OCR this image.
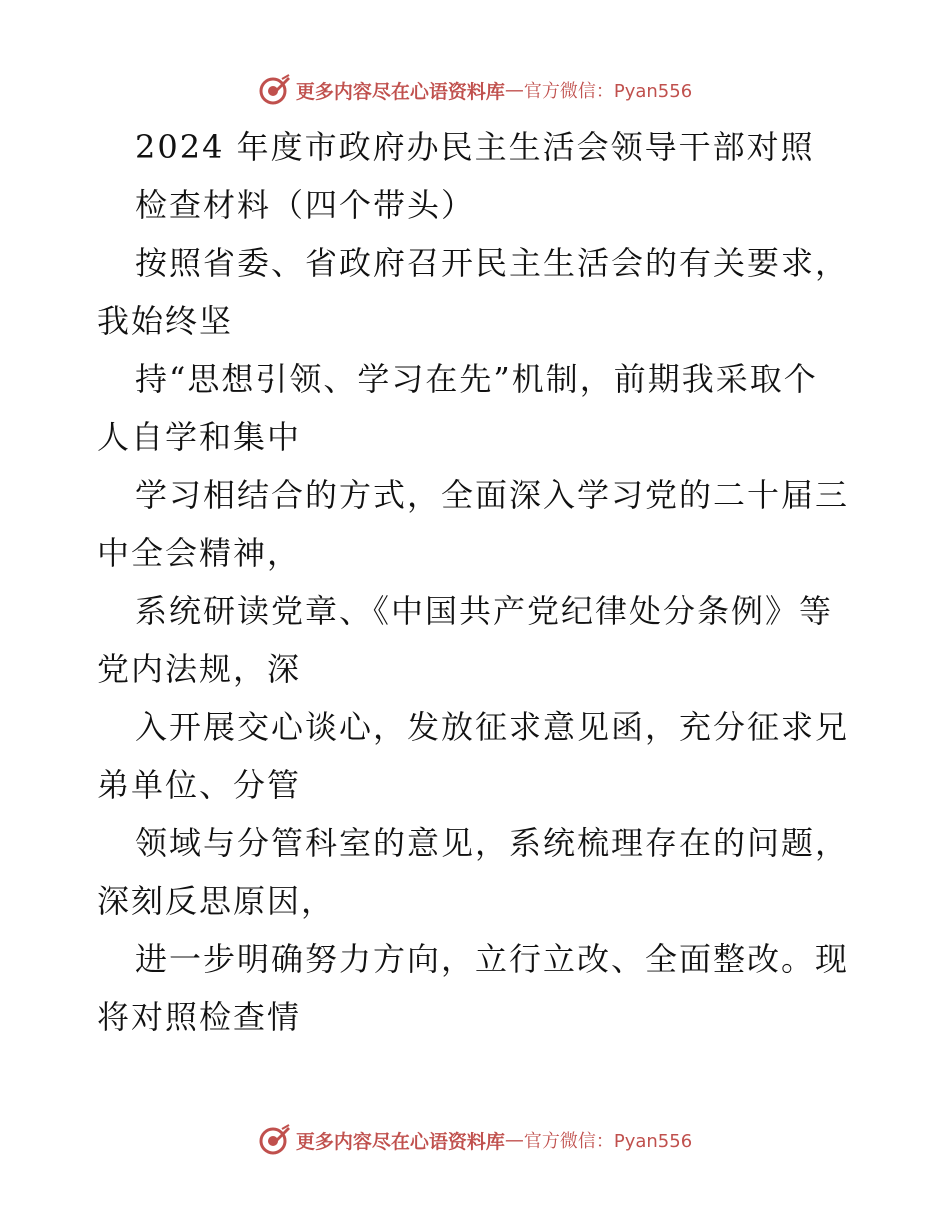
更多内容尽在心语资料库 — 官方微信：Pyan556
2024 年度市政府办民主生活会领导干部对照
检查材料（四个带头）
按照省委、省政府召开民主生活会的有关要求，
我始终坚
持“思想引领、学习在先”机制，前期我采取个
人自学和集中
学习相结合的方式，全面深入学习党的二十届三
中全会精神，
系统研读党章、《中国共产党纪律处分条例》等
党内法规，深
入开展交心谈心，发放征求意见函，充分征求兄
弟单位、分管
领域与分管科室的意见，系统梳理存在的问题，
深刻反思原因，
进一步明确努力方向，立行立改、全面整改。现
将对照检查情
更多内容尽在心语资料库 — 官方微信：Pyan556
